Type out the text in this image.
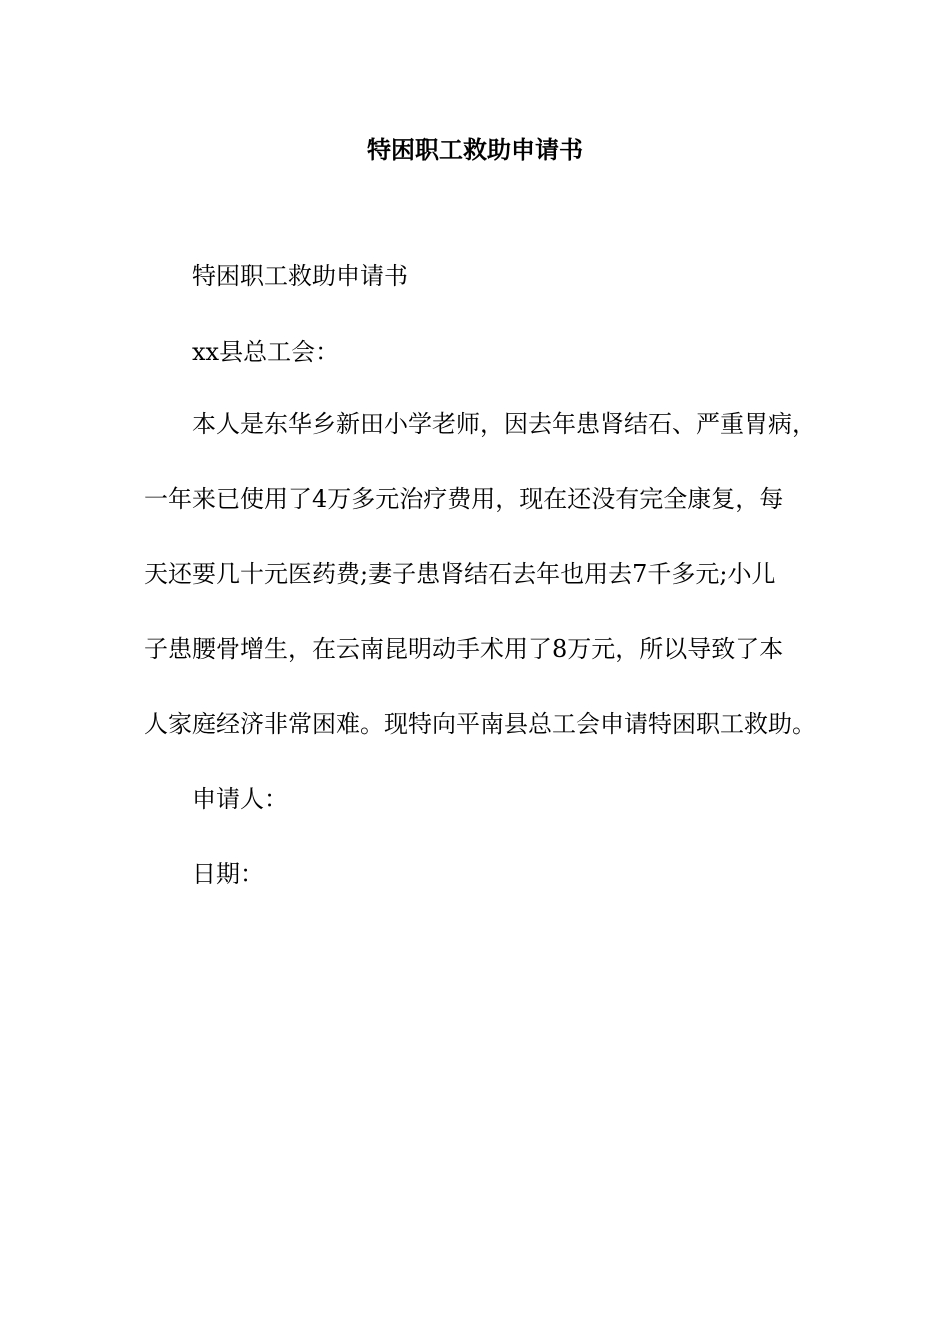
特困职工救助申请书

特困职工救助申请书

xx县总工会：

本人是东华乡新田小学老师，因去年患肾结石、严重胃病，

一年来已使用了4万多元治疗费用，现在还没有完全康复，每

天还要几十元医药费;妻子患肾结石去年也用去7千多元;小儿

子患腰骨增生，在云南昆明动手术用了8万元，所以导致了本

人家庭经济非常困难。现特向平南县总工会申请特困职工救助。

申请人：

日期：
